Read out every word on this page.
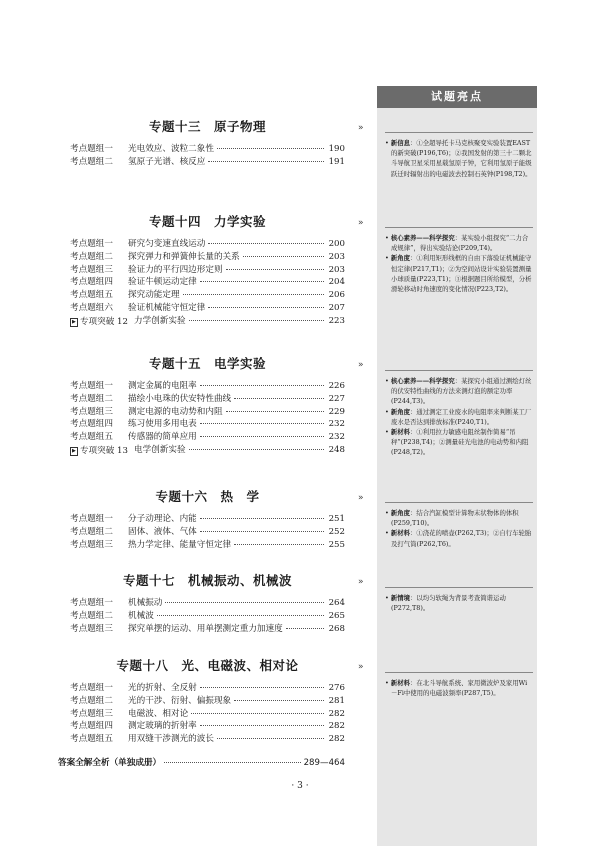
试题亮点
专题十三　原子物理
考点题组一	光电效应、波粒二象性	190
考点题组二	氢原子光谱、核反应	191
专题十四　力学实验
考点题组一	研究匀变速直线运动	200
考点题组二	探究弹力和弹簧伸长量的关系	203
考点题组三	验证力的平行四边形定则	203
考点题组四	验证牛顿运动定律	204
考点题组五	探究动能定理	206
考点题组六	验证机械能守恒定律	207
▶ 专项突破 12 力学创新实验	223
专题十五　电学实验
考点题组一	测定金属的电阻率	226
考点题组二	描绘小电珠的伏安特性曲线	227
考点题组三	测定电源的电动势和内阻	229
考点题组四	练习使用多用电表	232
考点题组五	传感器的简单应用	232
▶ 专项突破 13 电学创新实验	248
专题十六　热　学
考点题组一	分子动理论、内能	251
考点题组二	固体、液体、气体	252
考点题组三	热力学定律、能量守恒定律	255
专题十七　机械振动、机械波
考点题组一	机械振动	264
考点题组二	机械波	265
考点题组三	探究单摆的运动、用单摆测定重力加速度	268
专题十八　光、电磁波、相对论
考点题组一	光的折射、全反射	276
考点题组二	光的干涉、衍射、偏振现象	281
考点题组三	电磁波、相对论	282
考点题组四	测定玻璃的折射率	282
考点题组五	用双缝干涉测光的波长	282
答案全解全析（单独成册）	289—464
»
»
»
»
»
»

• 新信息：①全超导托卡马克核聚变实验装置EAST的新突破(P196,T6)；②我国发射的第三十二颗北斗导航卫星采用星载氢原子钟，它利用氢原子能级跃迁时辐射出的电磁波去控制石英钟(P198,T2)。

• 核心素养——科学探究：某实验小组探究“二力合成规律”，得出实验结论(P209,T4)。

• 新角度：①利用矩形线框的自由下落验证机械能守恒定律(P217,T1)；②为空间站设计实验装置测量小球质量(P223,T1)；③根据题目所给模型，分析滑轮移动时角速度的变化情况(P223,T2)。

• 核心素养——科学探究：某探究小组通过测绘灯丝的伏安特性曲线的方法来测灯泡的额定功率(P244,T3)。

• 新角度：通过测定工业废水的电阻率来判断某工厂废水是否达到排放标准(P240,T1)。

• 新材料：①利用拉力敏感电阻丝制作简易“吊秤”(P238,T4)；②测量硅光电池的电动势和内阻(P248,T2)。

• 新角度：结合汽缸模型计算物末状物体的体积(P259,T10)。

• 新材料：①浇花的喷壶(P262,T3)；②自行车轮胎及打气筒(P262,T6)。

• 新情境：以均匀软绳为背景考查简谐运动(P272,T8)。

• 新材料：在北斗导航系统、家用微波炉及家用Wi－Fi中使用的电磁波频率(P287,T5)。

· 3 ·
